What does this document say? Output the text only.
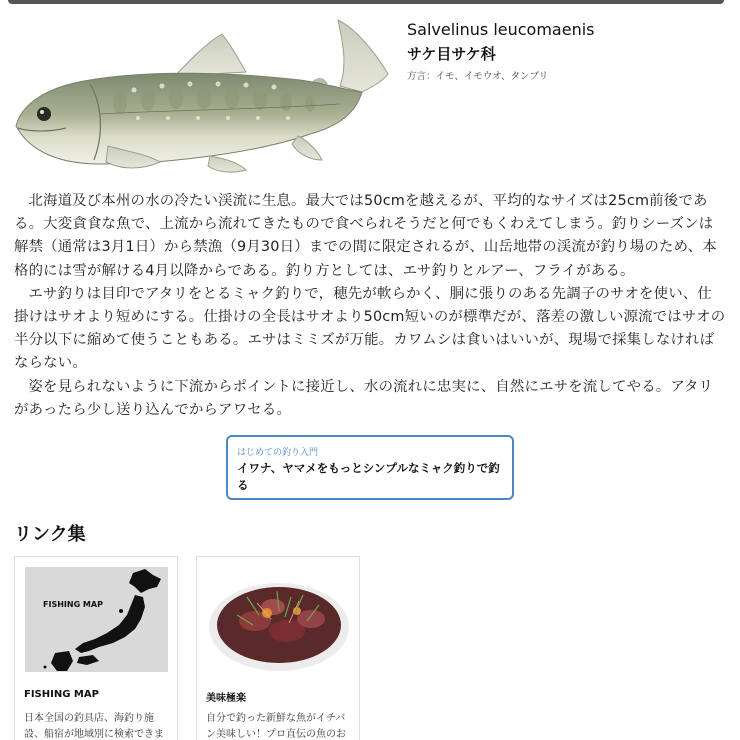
Salvelinus leucomaenis
サケ目サケ科
方言：イモ、イモウオ、タンブリ

北海道及び本州の水の冷たい渓流に生息。最大では50cmを越えるが、平均的なサイズは25cm前後である。大変貪食な魚で、上流から流れてきたもので食べられそうだと何でもくわえてしまう。釣りシーズンは解禁（通常は3月1日）から禁漁（9月30日）までの間に限定されるが、山岳地帯の渓流が釣り場のため、本格的には雪が解ける4月以降からである。釣り方としては、エサ釣りとルアー、フライがある。

エサ釣りは目印でアタリをとるミャク釣りで，穂先が軟らかく、胴に張りのある先調子のサオを使い、仕掛けはサオより短めにする。仕掛けの全長はサオより50cm短いのが標準だが、落差の激しい源流ではサオの半分以下に縮めて使うこともある。エサはミミズが万能。カワムシは食いはいいが、現場で採集しなければならない。

姿を見られないように下流からポイントに接近し、水の流れに忠実に、自然にエサを流してやる。アタリがあったら少し送り込んでからアワセる。

はじめての釣り入門
イワナ、ヤマメをもっとシンプルなミャク釣りで釣る
リンク集
FISHING MAP
FISHING MAP
日本全国の釣具店、海釣り施設、船宿が地域別に検索できま
美味極楽
自分で釣った新鮮な魚がイチバン美味しい！プロ直伝の魚のお
